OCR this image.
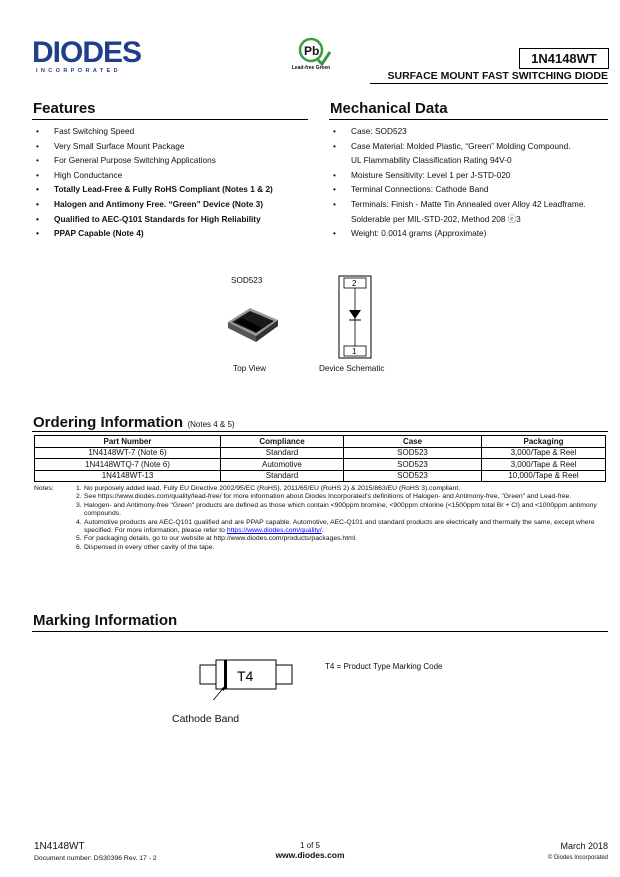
DIODES
INCORPORATED
Pb
Lead-free Green
1N4148WT
SURFACE MOUNT FAST SWITCHING DIODE
Features
• Fast Switching Speed
• Very Small Surface Mount Package
• For General Purpose Switching Applications
• High Conductance
• Totally Lead-Free & Fully RoHS Compliant (Notes 1 & 2)
• Halogen and Antimony Free. “Green” Device (Note 3)
• Qualified to AEC-Q101 Standards for High Reliability
• PPAP Capable (Note 4)
Mechanical Data
• Case: SOD523
• Case Material: Molded Plastic, “Green” Molding Compound.
UL Flammability Classification Rating 94V-0
• Moisture Sensitivity: Level 1 per J-STD-020
• Terminal Connections: Cathode Band
• Terminals: Finish - Matte Tin Annealed over Alloy 42 Leadframe.
Solderable per MIL-STD-202, Method 208 ⓔ3
• Weight: 0.0014 grams (Approximate)
SOD523
Top View
2
1
Device Schematic
Ordering Information (Notes 4 & 5)
Part Number	Compliance	Case	Packaging
1N4148WT-7 (Note 6)	Standard	SOD523	3,000/Tape & Reel
1N4148WTQ-7 (Note 6)	Automotive	SOD523	3,000/Tape & Reel
1N4148WT-13	Standard	SOD523	10,000/Tape & Reel
Notes:	1. No purposely added lead. Fully EU Directive 2002/95/EC (RoHS), 2011/65/EU (RoHS 2) & 2015/863/EU (RoHS 3).compliant.
2. See https://www.diodes.com/quality/lead-free/ for more information about Diodes Incorporated’s definitions of Halogen- and Antimony-free, "Green" and Lead-free.
3. Halogen- and Antimony-free "Green" products are defined as those which contain <900ppm bromine, <900ppm chlorine (<1500ppm total Br + Cl) and <1000ppm antimony compounds.
4. Automotive products are AEC-Q101 qualified and are PPAP capable. Automotive, AEC-Q101 and standard products are electrically and thermally the same, except where specified. For more information, please refer to https://www.diodes.com/quality/.
5. For packaging details, go to our website at http://www.diodes.com/products/packages.html.
6. Dispensed in every other cavity of the tape.
Marking Information
T4
T4 = Product Type Marking Code
Cathode Band
1N4148WT
Document number: DS30396 Rev. 17 - 2
1 of 5
www.diodes.com
March 2018
© Diodes Incorporated
